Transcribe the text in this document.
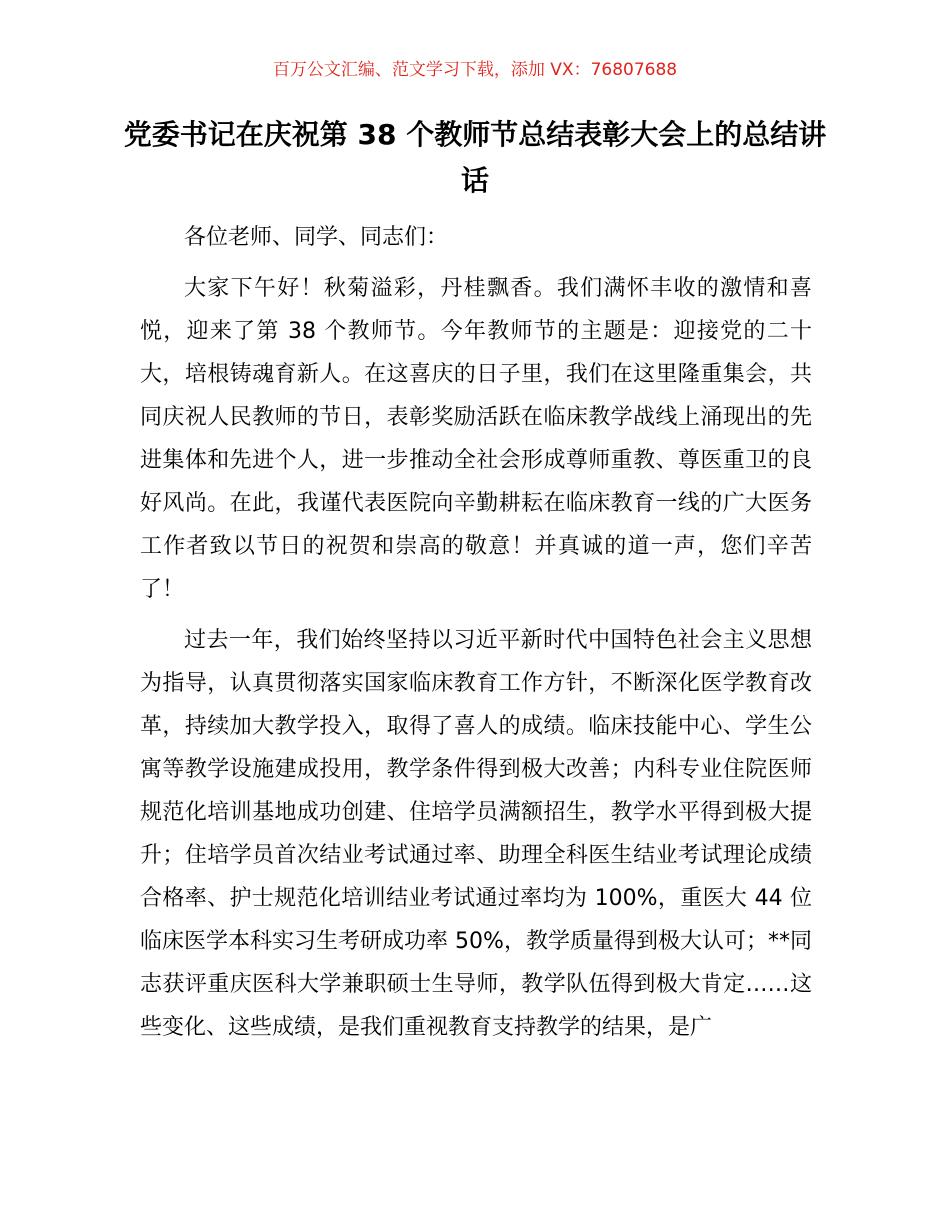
百万公文汇编、范文学习下载，添加 VX：76807688
党委书记在庆祝第 38 个教师节总结表彰大会上的总结讲话

各位老师、同学、同志们：

大家下午好！秋菊溢彩，丹桂飘香。我们满怀丰收的激情和喜悦，迎来了第 38 个教师节。今年教师节的主题是：迎接党的二十大，培根铸魂育新人。在这喜庆的日子里，我们在这里隆重集会，共同庆祝人民教师的节日，表彰奖励活跃在临床教学战线上涌现出的先进集体和先进个人，进一步推动全社会形成尊师重教、尊医重卫的良好风尚。在此，我谨代表医院向辛勤耕耘在临床教育一线的广大医务工作者致以节日的祝贺和崇高的敬意！并真诚的道一声，您们辛苦了！

过去一年，我们始终坚持以习近平新时代中国特色社会主义思想为指导，认真贯彻落实国家临床教育工作方针，不断深化医学教育改革，持续加大教学投入，取得了喜人的成绩。临床技能中心、学生公寓等教学设施建成投用，教学条件得到极大改善；内科专业住院医师规范化培训基地成功创建、住培学员满额招生，教学水平得到极大提升；住培学员首次结业考试通过率、助理全科医生结业考试理论成绩合格率、护士规范化培训结业考试通过率均为 100%，重医大 44 位临床医学本科实习生考研成功率 50%，教学质量得到极大认可；**同志获评重庆医科大学兼职硕士生导师，教学队伍得到极大肯定……这些变化、这些成绩，是我们重视教育支持教学的结果，是广
